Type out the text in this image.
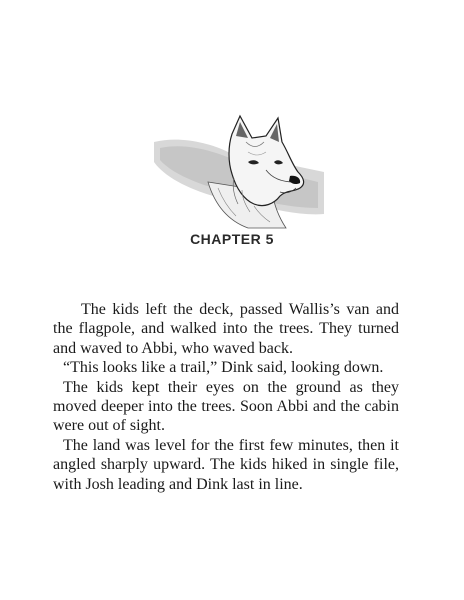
CHAPTER 5

The kids left the deck, passed Wallis’s van and the flagpole, and walked into the trees. They turned and waved to Abbi, who waved back.

“This looks like a trail,” Dink said, looking down.

The kids kept their eyes on the ground as they moved deeper into the trees. Soon Abbi and the cabin were out of sight.

The land was level for the first few minutes, then it angled sharply upward. The kids hiked in single file, with Josh leading and Dink last in line.
